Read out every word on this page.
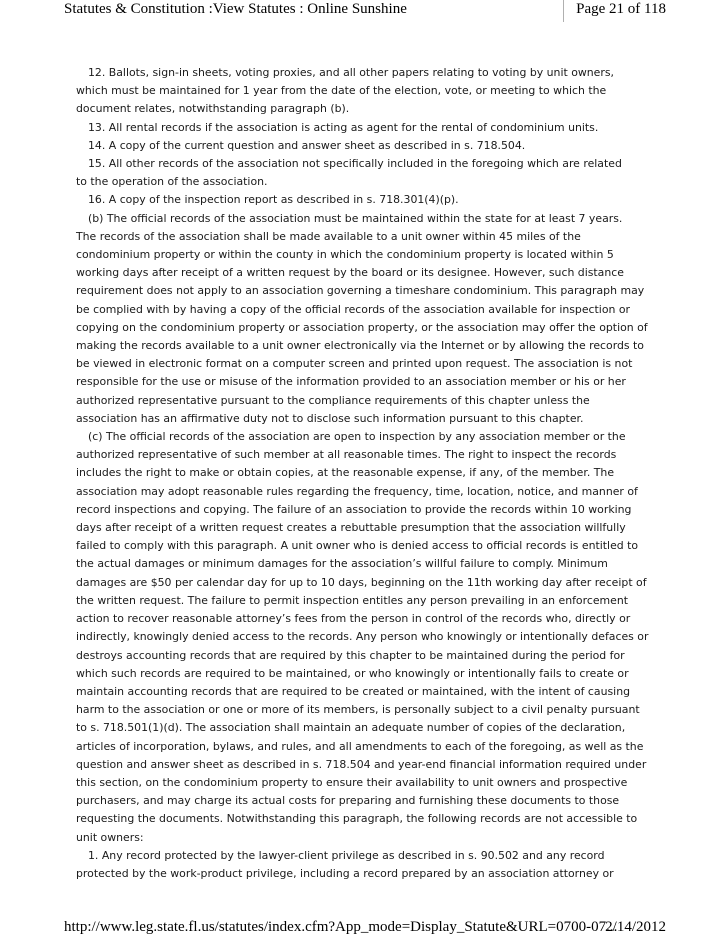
Statutes & Constitution :View Statutes : Online Sunshine	Page 21 of 118

12. Ballots, sign-in sheets, voting proxies, and all other papers relating to voting by unit owners,

which must be maintained for 1 year from the date of the election, vote, or meeting to which the

document relates, notwithstanding paragraph (b).

13. All rental records if the association is acting as agent for the rental of condominium units.

14. A copy of the current question and answer sheet as described in s. 718.504.

15. All other records of the association not specifically included in the foregoing which are related

to the operation of the association.

16. A copy of the inspection report as described in s. 718.301(4)(p).

(b) The official records of the association must be maintained within the state for at least 7 years.

The records of the association shall be made available to a unit owner within 45 miles of the

condominium property or within the county in which the condominium property is located within 5

working days after receipt of a written request by the board or its designee. However, such distance

requirement does not apply to an association governing a timeshare condominium. This paragraph may

be complied with by having a copy of the official records of the association available for inspection or

copying on the condominium property or association property, or the association may offer the option of

making the records available to a unit owner electronically via the Internet or by allowing the records to

be viewed in electronic format on a computer screen and printed upon request. The association is not

responsible for the use or misuse of the information provided to an association member or his or her

authorized representative pursuant to the compliance requirements of this chapter unless the

association has an affirmative duty not to disclose such information pursuant to this chapter.

(c) The official records of the association are open to inspection by any association member or the

authorized representative of such member at all reasonable times. The right to inspect the records

includes the right to make or obtain copies, at the reasonable expense, if any, of the member. The

association may adopt reasonable rules regarding the frequency, time, location, notice, and manner of

record inspections and copying. The failure of an association to provide the records within 10 working

days after receipt of a written request creates a rebuttable presumption that the association willfully

failed to comply with this paragraph. A unit owner who is denied access to official records is entitled to

the actual damages or minimum damages for the association’s willful failure to comply. Minimum

damages are $50 per calendar day for up to 10 days, beginning on the 11th working day after receipt of

the written request. The failure to permit inspection entitles any person prevailing in an enforcement

action to recover reasonable attorney’s fees from the person in control of the records who, directly or

indirectly, knowingly denied access to the records. Any person who knowingly or intentionally defaces or

destroys accounting records that are required by this chapter to be maintained during the period for

which such records are required to be maintained, or who knowingly or intentionally fails to create or

maintain accounting records that are required to be created or maintained, with the intent of causing

harm to the association or one or more of its members, is personally subject to a civil penalty pursuant

to s. 718.501(1)(d). The association shall maintain an adequate number of copies of the declaration,

articles of incorporation, bylaws, and rules, and all amendments to each of the foregoing, as well as the

question and answer sheet as described in s. 718.504 and year-end financial information required under

this section, on the condominium property to ensure their availability to unit owners and prospective

purchasers, and may charge its actual costs for preparing and furnishing these documents to those

requesting the documents. Notwithstanding this paragraph, the following records are not accessible to

unit owners:

1. Any record protected by the lawyer-client privilege as described in s. 90.502 and any record

protected by the work-product privilege, including a record prepared by an association attorney or

http://www.leg.state.fl.us/statutes/index.cfm?App_mode=Display_Statute&URL=0700-07...
2/14/2012
